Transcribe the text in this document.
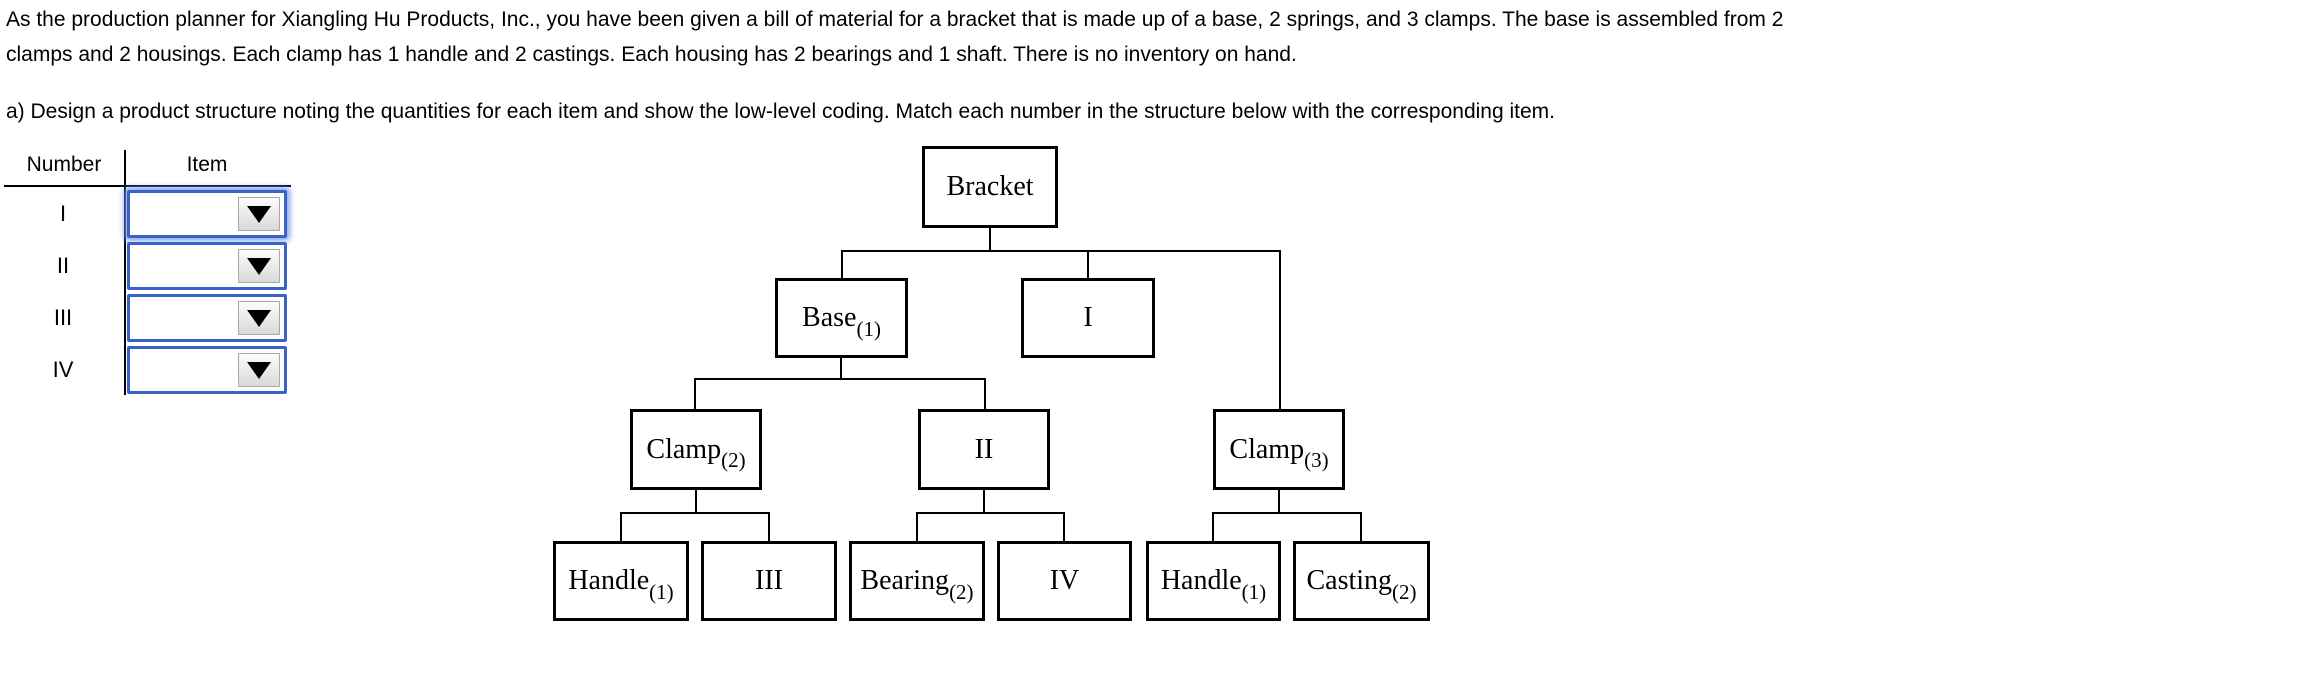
As the production planner for Xiangling Hu Products, Inc., you have been given a bill of material for a bracket that is made up of a base, 2 springs, and 3 clamps. The base is assembled from 2
clamps and 2 housings. Each clamp has 1 handle and 2 castings. Each housing has 2 bearings and 1 shaft. There is no inventory on hand.
a) Design a product structure noting the quantities for each item and show the low-level coding. Match each number in the structure below with the corresponding item.
Number	Item
I
II
III
IV
Bracket
Base (1)	I
Clamp (2)	II	Clamp (3)
Handle (1)	III	Bearing (2)	IV	Handle (1) Casting (2)
